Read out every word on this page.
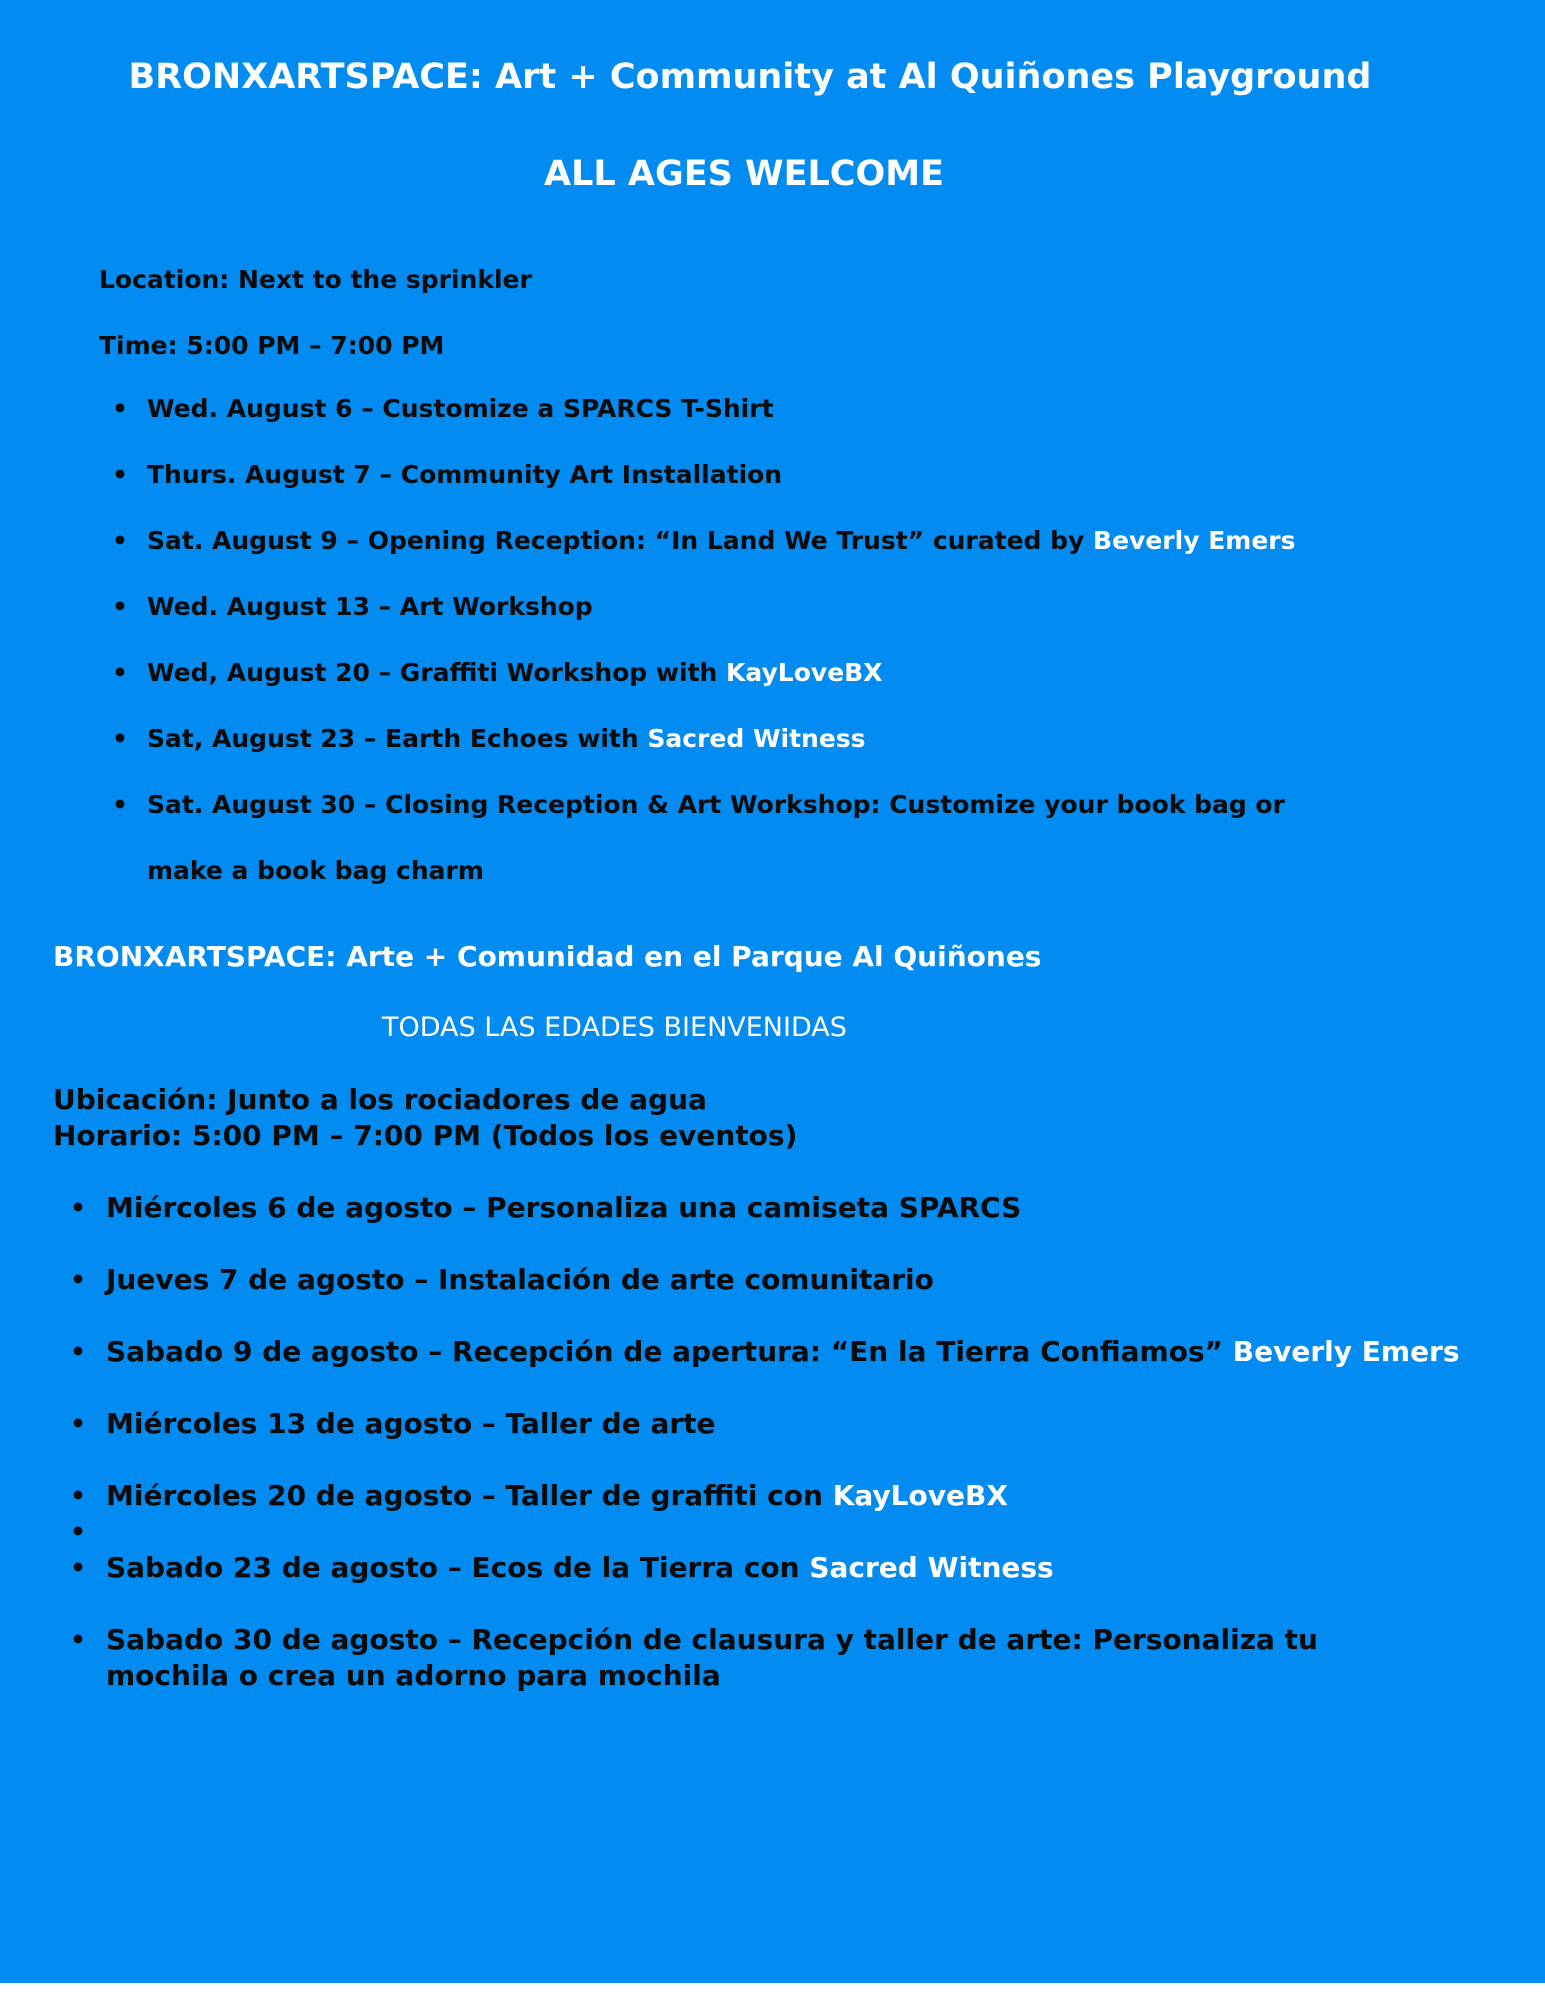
BRONXARTSPACE: Art + Community at Al Quiñones Playground
ALL AGES WELCOME
Location: Next to the sprinkler
Time: 5:00 PM – 7:00 PM
• Wed. August 6 – Customize a SPARCS T-Shirt
• Thurs. August 7 – Community Art Installation
• Sat. August 9 – Opening Reception: “In Land We Trust” curated by Beverly Emers
• Wed. August 13 – Art Workshop
• Wed, August 20 – Graffiti Workshop with KayLoveBX
• Sat, August 23 – Earth Echoes with Sacred Witness
• Sat. August 30 – Closing Reception & Art Workshop: Customize your book bag or make a book bag charm
BRONXARTSPACE: Arte + Comunidad en el Parque Al Quiñones
TODAS LAS EDADES BIENVENIDAS
Ubicación: Junto a los rociadores de agua
Horario: 5:00 PM – 7:00 PM (Todos los eventos)
• Miércoles 6 de agosto – Personaliza una camiseta SPARCS
• Jueves 7 de agosto – Instalación de arte comunitario
• Sabado 9 de agosto – Recepción de apertura: “En la Tierra Confiamos” Beverly Emers
• Miércoles 13 de agosto – Taller de arte
• Miércoles 20 de agosto – Taller de graffiti con KayLoveBX
•
• Sabado 23 de agosto – Ecos de la Tierra con Sacred Witness
• Sabado 30 de agosto – Recepción de clausura y taller de arte: Personaliza tu mochila o crea un adorno para mochila
